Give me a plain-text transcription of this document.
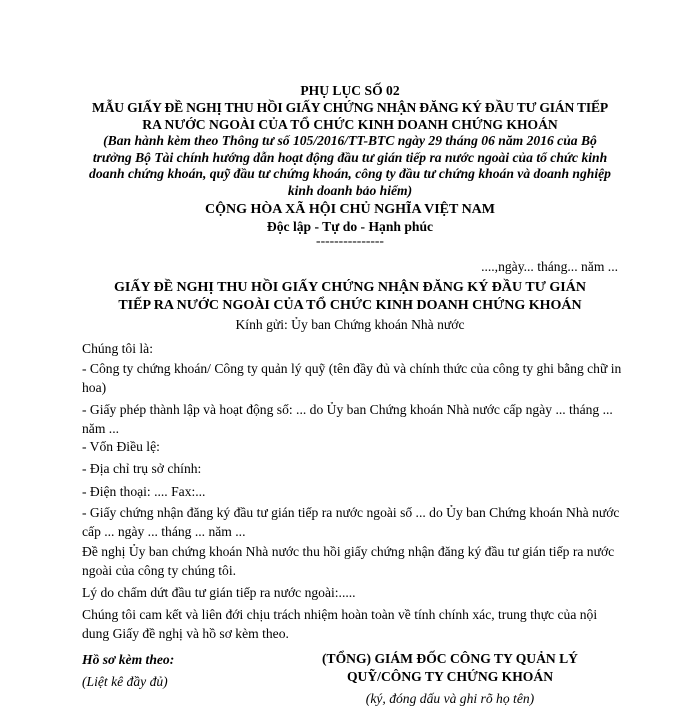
PHỤ LỤC SỐ 02
MẪU GIẤY ĐỀ NGHỊ THU HỒI GIẤY CHỨNG NHẬN ĐĂNG KÝ ĐẦU TƯ GIÁN TIẾP
RA NƯỚC NGOÀI CỦA TỔ CHỨC KINH DOANH CHỨNG KHOÁN
(Ban hành kèm theo Thông tư số 105/2016/TT-BTC ngày 29 tháng 06 năm 2016 của Bộ trưởng Bộ Tài chính hướng dẫn hoạt động đầu tư gián tiếp ra nước ngoài của tổ chức kinh doanh chứng khoán, quỹ đầu tư chứng khoán, công ty đầu tư chứng khoán và doanh nghiệp kinh doanh bảo hiểm)
CỘNG HÒA XÃ HỘI CHỦ NGHĨA VIỆT NAM
Độc lập - Tự do - Hạnh phúc
---------------
....,ngày... tháng... năm ...
GIẤY ĐỀ NGHỊ THU HỒI GIẤY CHỨNG NHẬN ĐĂNG KÝ ĐẦU TƯ GIÁN
TIẾP RA NƯỚC NGOÀI CỦA TỔ CHỨC KINH DOANH CHỨNG KHOÁN
Kính gửi: Ủy ban Chứng khoán Nhà nước
Chúng tôi là:
- Công ty chứng khoán/ Công ty quản lý quỹ (tên đầy đủ và chính thức của công ty ghi bằng chữ in hoa)
- Giấy phép thành lập và hoạt động số: ... do Ủy ban Chứng khoán Nhà nước cấp ngày ... tháng ... năm ...
- Vốn Điều lệ:
- Địa chỉ trụ sở chính:
- Điện thoại: .... Fax:...
- Giấy chứng nhận đăng ký đầu tư gián tiếp ra nước ngoài số ... do Ủy ban Chứng khoán Nhà nước cấp ... ngày ... tháng ... năm ...
Đề nghị Ủy ban chứng khoán Nhà nước thu hồi giấy chứng nhận đăng ký đầu tư gián tiếp ra nước ngoài của công ty chúng tôi.
Lý do chấm dứt đầu tư gián tiếp ra nước ngoài:.....
Chúng tôi cam kết và liên đới chịu trách nhiệm hoàn toàn về tính chính xác, trung thực của nội dung Giấy đề nghị và hồ sơ kèm theo.
Hồ sơ kèm theo:
(Liệt kê đầy đủ)
(TỔNG) GIÁM ĐỐC CÔNG TY QUẢN LÝ
QUỸ/CÔNG TY CHỨNG KHOÁN
(ký, đóng dấu và ghi rõ họ tên)
